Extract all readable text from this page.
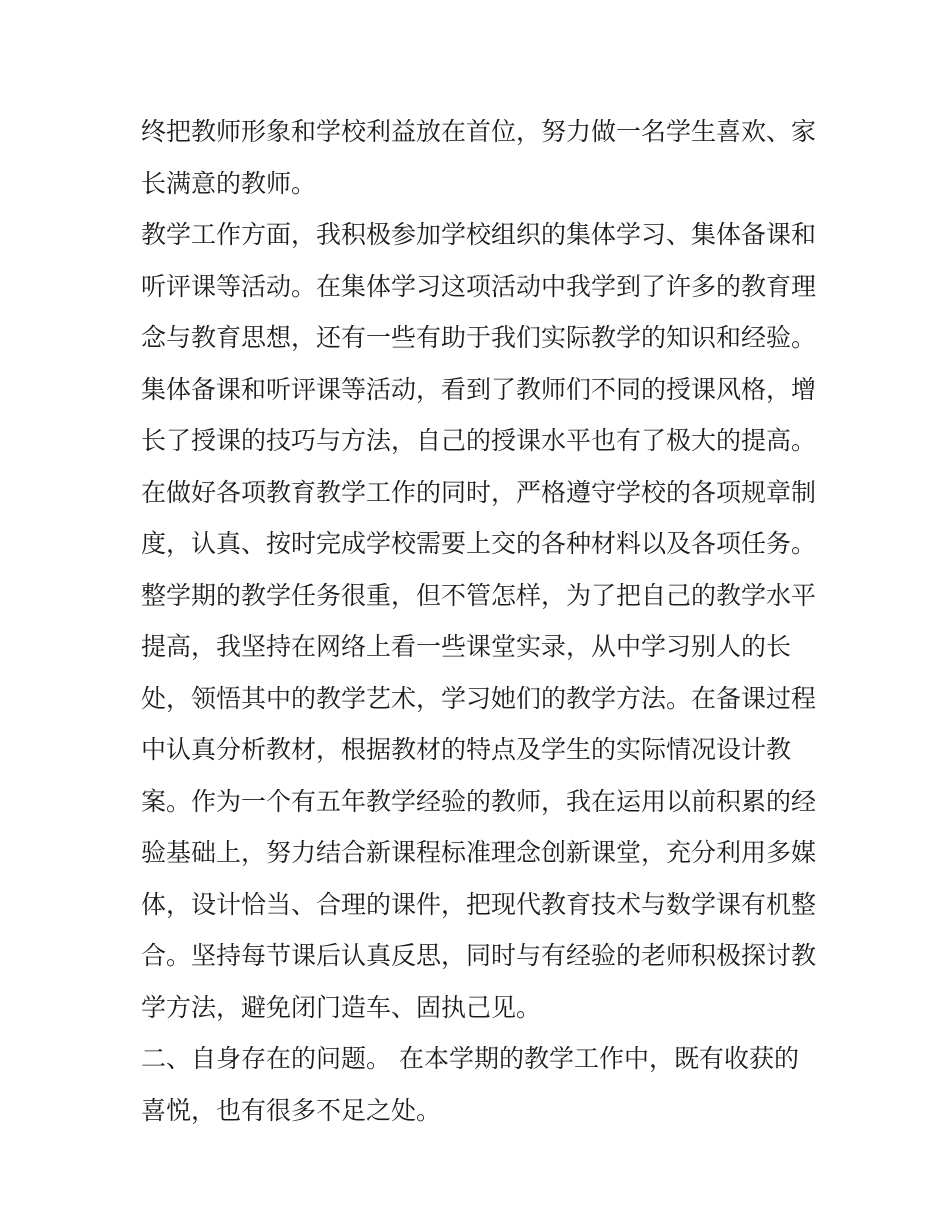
终把教师形象和学校利益放在首位，努力做一名学生喜欢、家
长满意的教师。
教学工作方面，我积极参加学校组织的集体学习、集体备课和
听评课等活动。在集体学习这项活动中我学到了许多的教育理
念与教育思想，还有一些有助于我们实际教学的知识和经验。
集体备课和听评课等活动，看到了教师们不同的授课风格，增
长了授课的技巧与方法，自己的授课水平也有了极大的提高。
在做好各项教育教学工作的同时，严格遵守学校的各项规章制
度，认真、按时完成学校需要上交的各种材料以及各项任务。
整学期的教学任务很重，但不管怎样，为了把自己的教学水平
提高，我坚持在网络上看一些课堂实录，从中学习别人的长
处，领悟其中的教学艺术，学习她们的教学方法。在备课过程
中认真分析教材，根据教材的特点及学生的实际情况设计教
案。作为一个有五年教学经验的教师，我在运用以前积累的经
验基础上，努力结合新课程标准理念创新课堂，充分利用多媒
体，设计恰当、合理的课件，把现代教育技术与数学课有机整
合。坚持每节课后认真反思，同时与有经验的老师积极探讨教
学方法，避免闭门造车、固执己见。
二、自身存在的问题。 在本学期的教学工作中，既有收获的
喜悦，也有很多不足之处。
